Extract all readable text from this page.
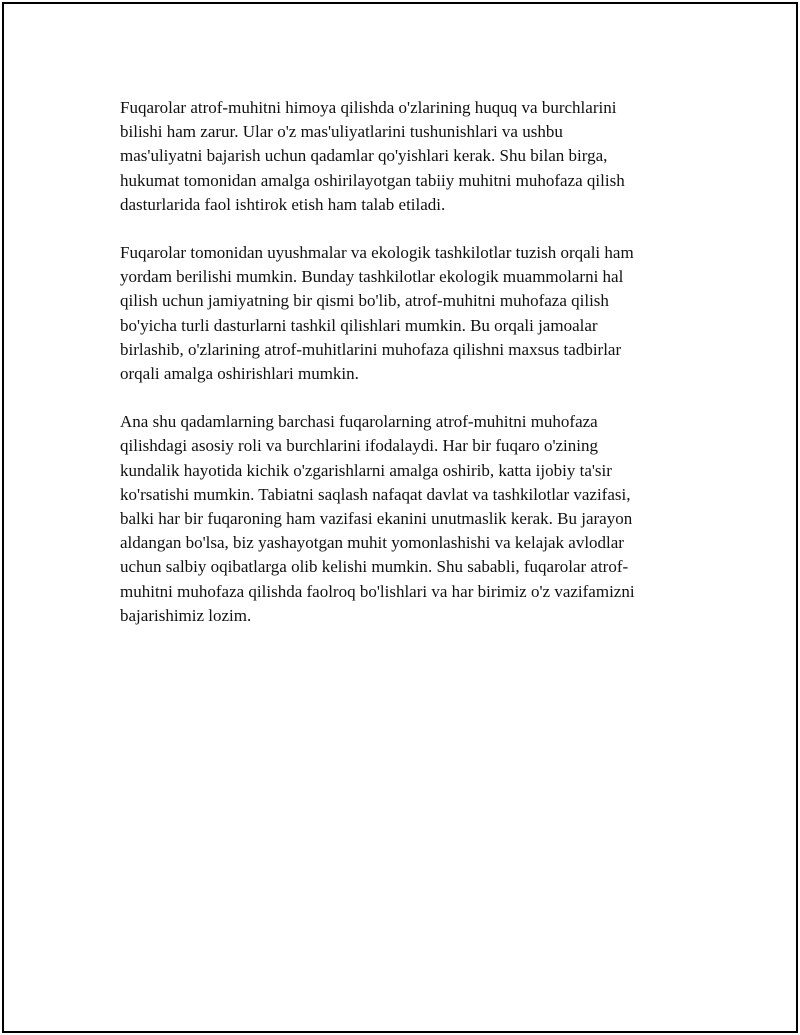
Fuqarolar atrof-muhitni himoya qilishda o'zlarining huquq va burchlarini
bilishi ham zarur. Ular o'z mas'uliyatlarini tushunishlari va ushbu
mas'uliyatni bajarish uchun qadamlar qo'yishlari kerak. Shu bilan birga,
hukumat tomonidan amalga oshirilayotgan tabiiy muhitni muhofaza qilish
dasturlarida faol ishtirok etish ham talab etiladi.

Fuqarolar tomonidan uyushmalar va ekologik tashkilotlar tuzish orqali ham
yordam berilishi mumkin. Bunday tashkilotlar ekologik muammolarni hal
qilish uchun jamiyatning bir qismi bo'lib, atrof-muhitni muhofaza qilish
bo'yicha turli dasturlarni tashkil qilishlari mumkin. Bu orqali jamoalar
birlashib, o'zlarining atrof-muhitlarini muhofaza qilishni maxsus tadbirlar
orqali amalga oshirishlari mumkin.

Ana shu qadamlarning barchasi fuqarolarning atrof-muhitni muhofaza
qilishdagi asosiy roli va burchlarini ifodalaydi. Har bir fuqaro o'zining
kundalik hayotida kichik o'zgarishlarni amalga oshirib, katta ijobiy ta'sir
ko'rsatishi mumkin. Tabiatni saqlash nafaqat davlat va tashkilotlar vazifasi,
balki har bir fuqaroning ham vazifasi ekanini unutmaslik kerak. Bu jarayon
aldangan bo'lsa, biz yashayotgan muhit yomonlashishi va kelajak avlodlar
uchun salbiy oqibatlarga olib kelishi mumkin. Shu sababli, fuqarolar atrof-
muhitni muhofaza qilishda faolroq bo'lishlari va har birimiz o'z vazifamizni
bajarishimiz lozim.
